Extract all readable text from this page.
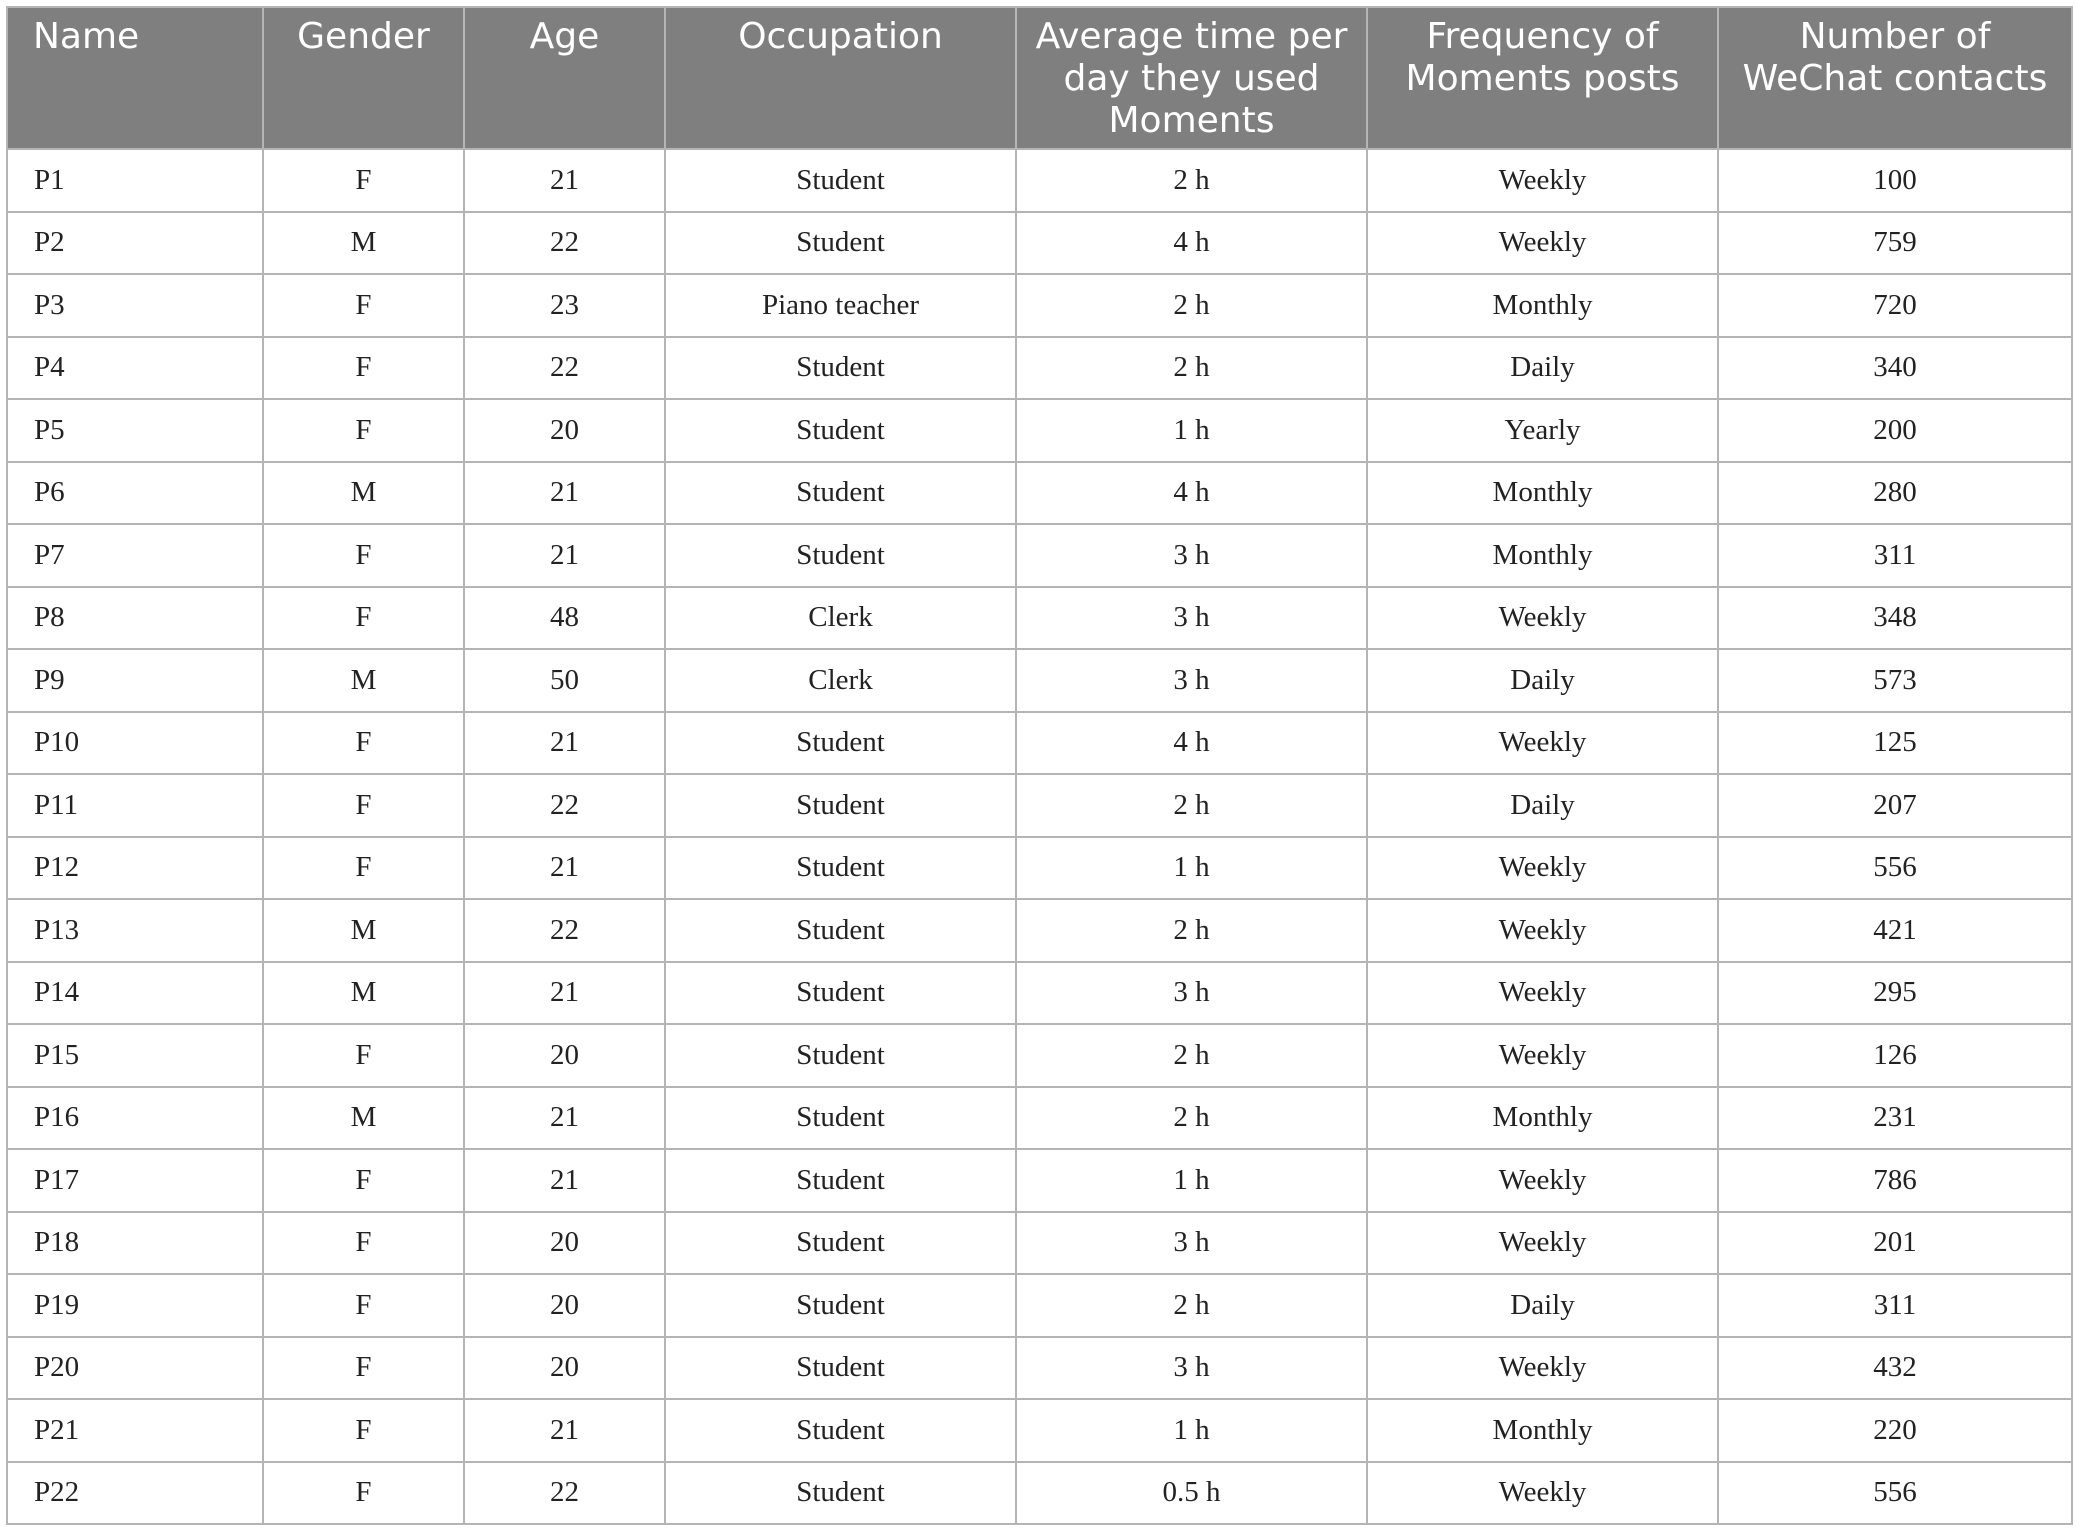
Name	Gender	Age	Occupation	Average time per day they used Moments	Frequency of Moments posts	Number of WeChat contacts
P1	F	21	Student	2 h	Weekly	100
P2	M	22	Student	4 h	Weekly	759
P3	F	23	Piano teacher	2 h	Monthly	720
P4	F	22	Student	2 h	Daily	340
P5	F	20	Student	1 h	Yearly	200
P6	M	21	Student	4 h	Monthly	280
P7	F	21	Student	3 h	Monthly	311
P8	F	48	Clerk	3 h	Weekly	348
P9	M	50	Clerk	3 h	Daily	573
P10	F	21	Student	4 h	Weekly	125
P11	F	22	Student	2 h	Daily	207
P12	F	21	Student	1 h	Weekly	556
P13	M	22	Student	2 h	Weekly	421
P14	M	21	Student	3 h	Weekly	295
P15	F	20	Student	2 h	Weekly	126
P16	M	21	Student	2 h	Monthly	231
P17	F	21	Student	1 h	Weekly	786
P18	F	20	Student	3 h	Weekly	201
P19	F	20	Student	2 h	Daily	311
P20	F	20	Student	3 h	Weekly	432
P21	F	21	Student	1 h	Monthly	220
P22	F	22	Student	0.5 h	Weekly	556
